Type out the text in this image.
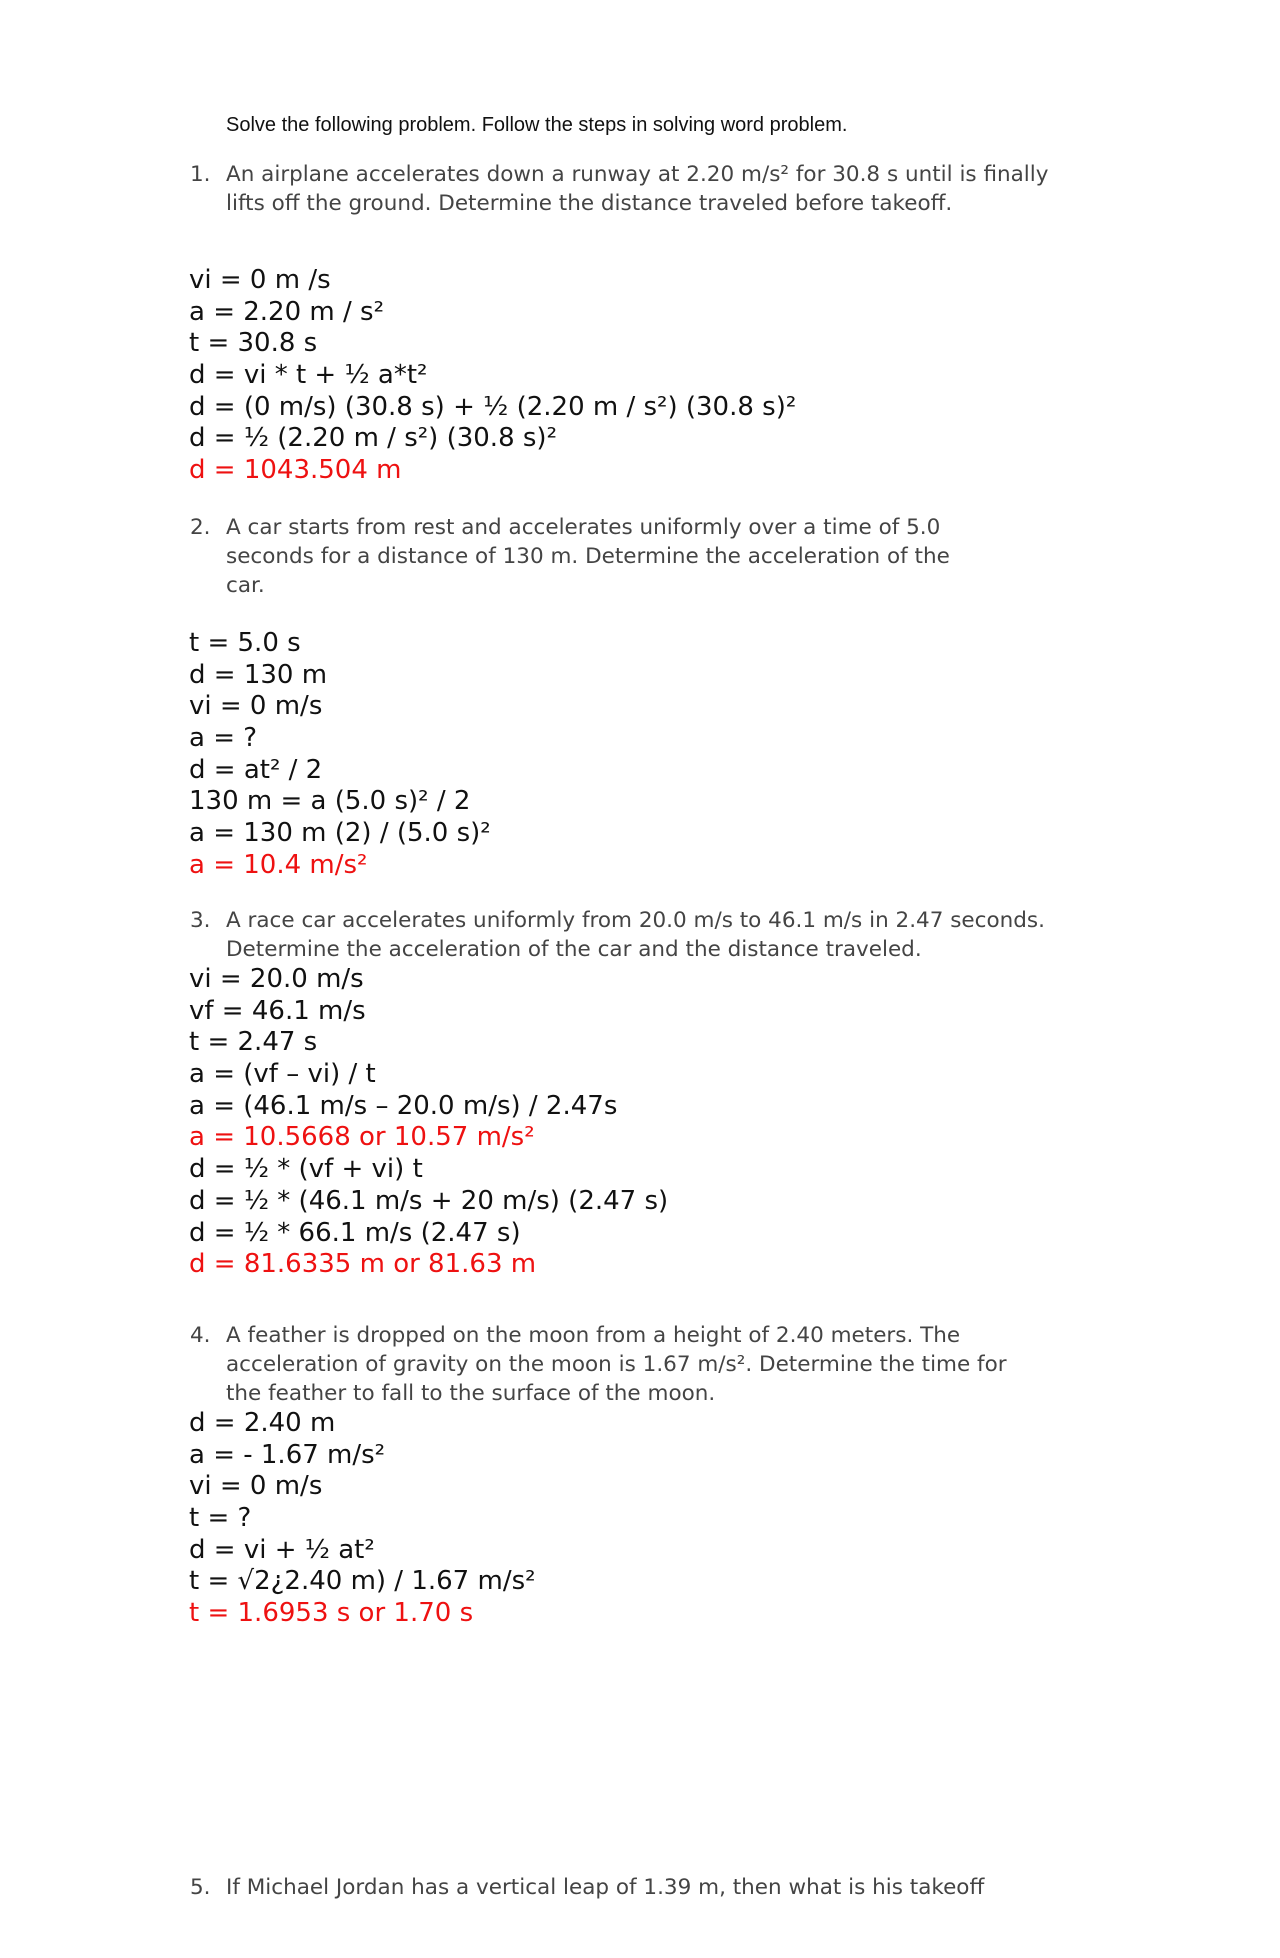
Solve the following problem. Follow the steps in solving word problem.
1. An airplane accelerates down a runway at 2.20 m/s² for 30.8 s until is finally
lifts off the ground. Determine the distance traveled before takeoff.
vi = 0 m /s
a = 2.20 m / s²
t = 30.8 s
d = vi * t + ½ a*t²
d = (0 m/s) (30.8 s) + ½ (2.20 m / s²) (30.8 s)²
d = ½ (2.20 m / s²) (30.8 s)²
d = 1043.504 m
2. A car starts from rest and accelerates uniformly over a time of 5.0
seconds for a distance of 130 m. Determine the acceleration of the
car.
t = 5.0 s
d = 130 m
vi = 0 m/s
a = ?
d = at² / 2
130 m = a (5.0 s)² / 2
a = 130 m (2) / (5.0 s)²
a = 10.4 m/s²
3. A race car accelerates uniformly from 20.0 m/s to 46.1 m/s in 2.47 seconds.
Determine the acceleration of the car and the distance traveled.
vi = 20.0 m/s
vf = 46.1 m/s
t = 2.47 s
a = (vf – vi) / t
a = (46.1 m/s – 20.0 m/s) / 2.47s
a = 10.5668 or 10.57 m/s²
d = ½ * (vf + vi) t
d = ½ * (46.1 m/s + 20 m/s) (2.47 s)
d = ½ * 66.1 m/s (2.47 s)
d = 81.6335 m or 81.63 m
4. A feather is dropped on the moon from a height of 2.40 meters. The
acceleration of gravity on the moon is 1.67 m/s². Determine the time for
the feather to fall to the surface of the moon.
d = 2.40 m
a = - 1.67 m/s²
vi = 0 m/s
t = ?
d = vi + ½ at²
t = √2¿2.40 m) / 1.67 m/s²
t = 1.6953 s or 1.70 s
5. If Michael Jordan has a vertical leap of 1.39 m, then what is his takeoff
